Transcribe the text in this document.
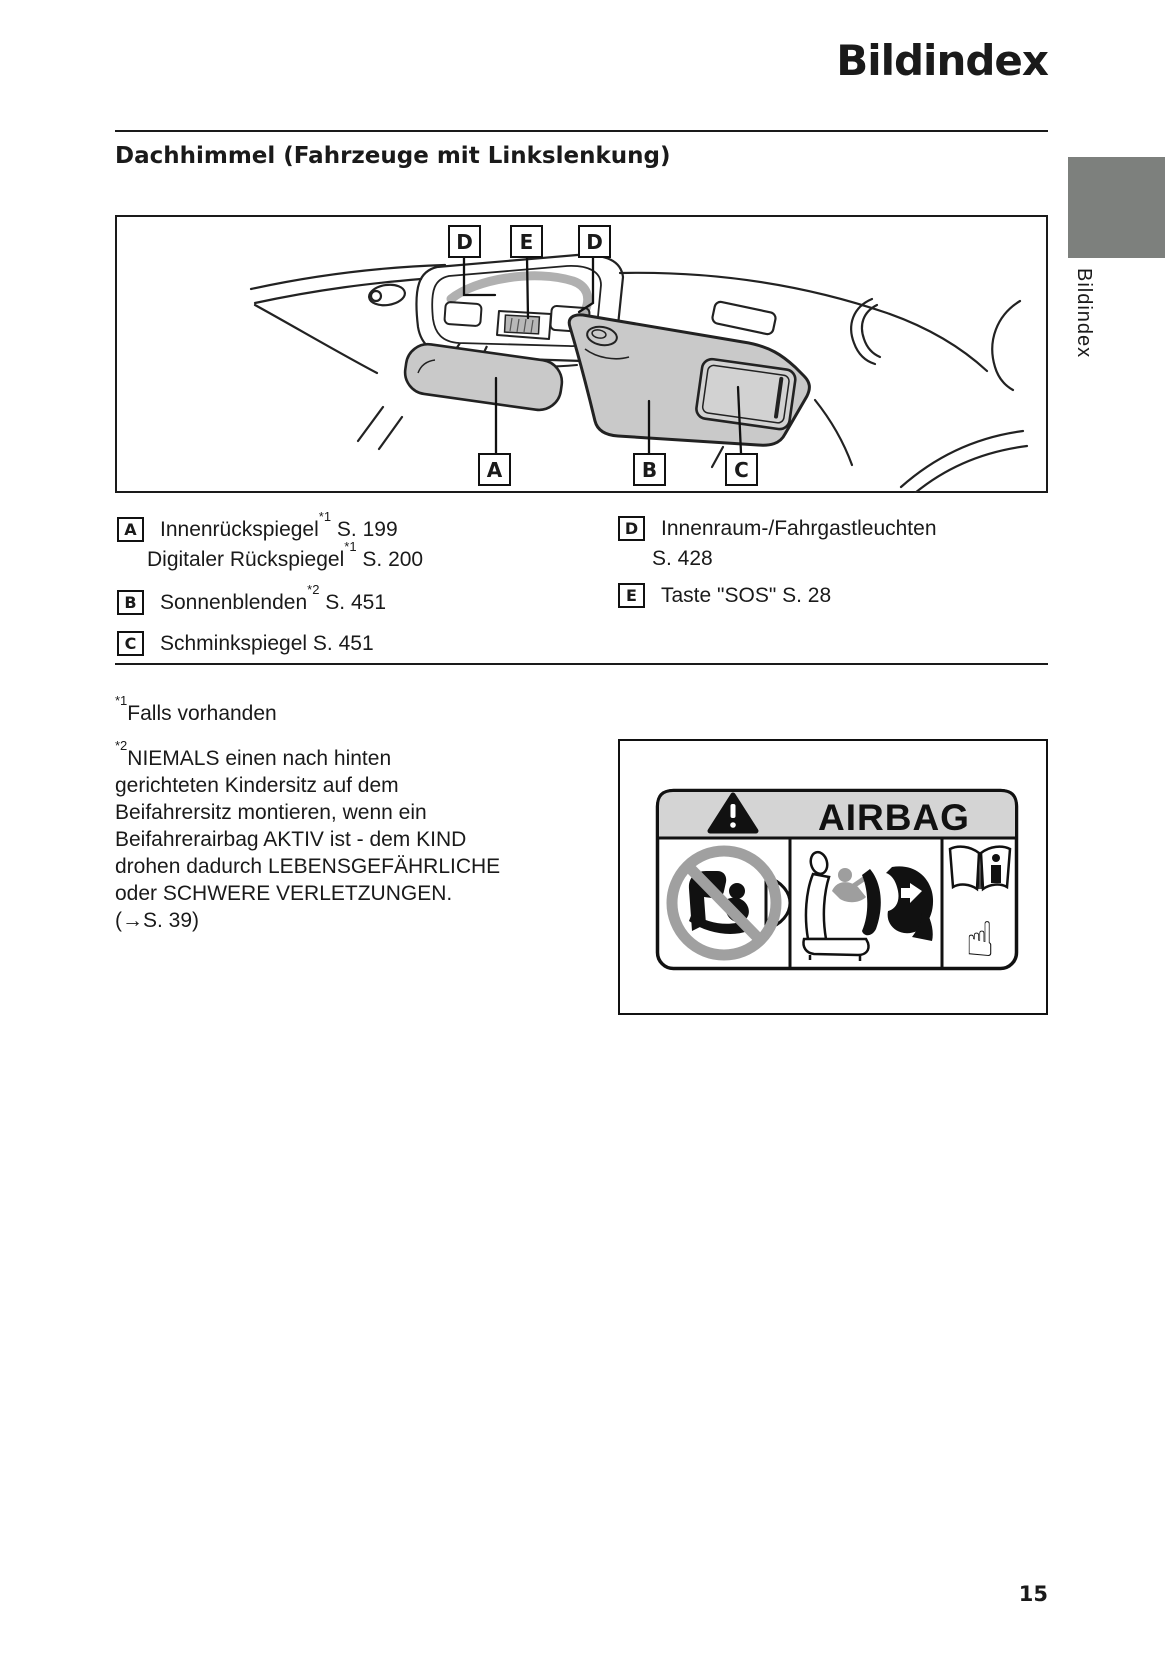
Bildindex
Dachhimmel (Fahrzeuge mit Linkslenkung)
Bildindex
D	E	D
A	B	C
A	Innenrückspiegel$^{*1}$ S. 199
Digitaler Rückspiegel$^{*1}$ S. 200
B	Sonnenblenden$^{*2}$ S. 451
C	Schminkspiegel S. 451
D	Innenraum-/Fahrgastleuchten
S. 428
E	Taste "SOS" S. 28
$^{*1}$Falls vorhanden
$^{*2}$NIEMALS einen nach hinten
gerichteten Kindersitz auf dem
Beifahrersitz montieren, wenn ein
Beifahrerairbag AKTIV ist - dem KIND
drohen dadurch LEBENSGEFÄHRLICHE
oder SCHWERE VERLETZUNGEN.
(→S. 39)
AIRBAG
☝
15
